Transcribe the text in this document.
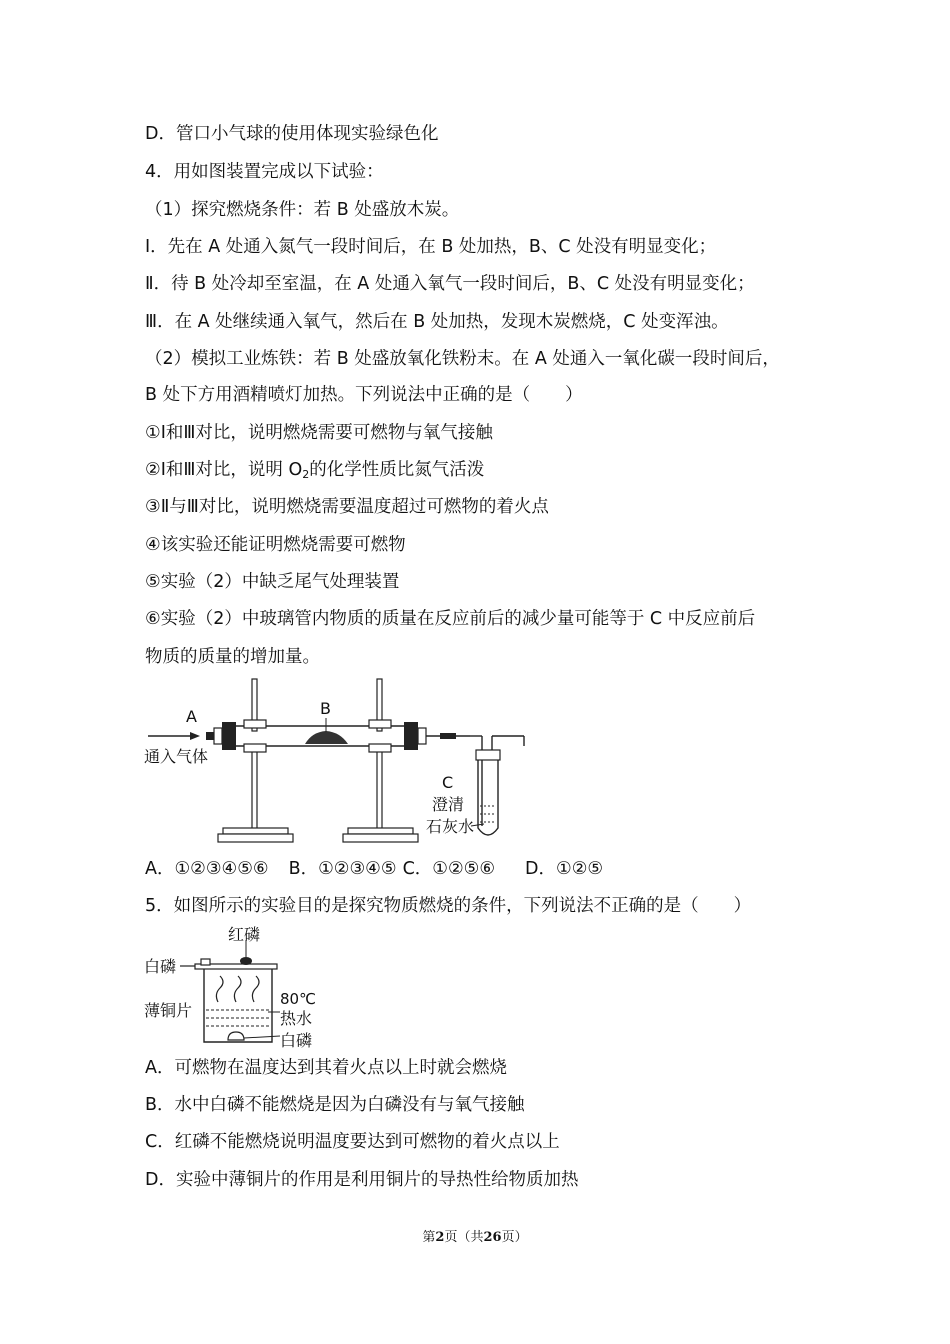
D．管口小气球的使用体现实验绿色化
4．用如图装置完成以下试验：
（1）探究燃烧条件：若 B 处盛放木炭。
Ⅰ．先在 A 处通入氮气一段时间后，在 B 处加热，B、C 处没有明显变化；
Ⅱ．待 B 处冷却至室温，在 A 处通入氧气一段时间后，B、C 处没有明显变化；
Ⅲ．在 A 处继续通入氧气，然后在 B 处加热，发现木炭燃烧，C 处变浑浊。
（2）模拟工业炼铁：若 B 处盛放氧化铁粉末。在 A 处通入一氧化碳一段时间后，
B 处下方用酒精喷灯加热。下列说法中正确的是（　　）
①Ⅰ和Ⅲ对比，说明燃烧需要可燃物与氧气接触
②Ⅰ和Ⅲ对比，说明 $O_2$的化学性质比氮气活泼
③Ⅱ与Ⅲ对比，说明燃烧需要温度超过可燃物的着火点
④该实验还能证明燃烧需要可燃物
⑤实验（2）中缺乏尾气处理装置
⑥实验（2）中玻璃管内物质的质量在反应前后的减少量可能等于 C 中反应前后
物质的质量的增加量。
A	B
通入气体
C
澄清
石灰水
A．①②③④⑤⑥ B．①②③④⑤ C．①②⑤⑥ D．①②⑤
5．如图所示的实验目的是探究物质燃烧的条件，下列说法不正确的是（　　）
红磷
白磷
薄铜片
80℃
热水
白磷
A．可燃物在温度达到其着火点以上时就会燃烧
B．水中白磷不能燃烧是因为白磷没有与氧气接触
C．红磷不能燃烧说明温度要达到可燃物的着火点以上
D．实验中薄铜片的作用是利用铜片的导热性给物质加热
第2页（共26页）
